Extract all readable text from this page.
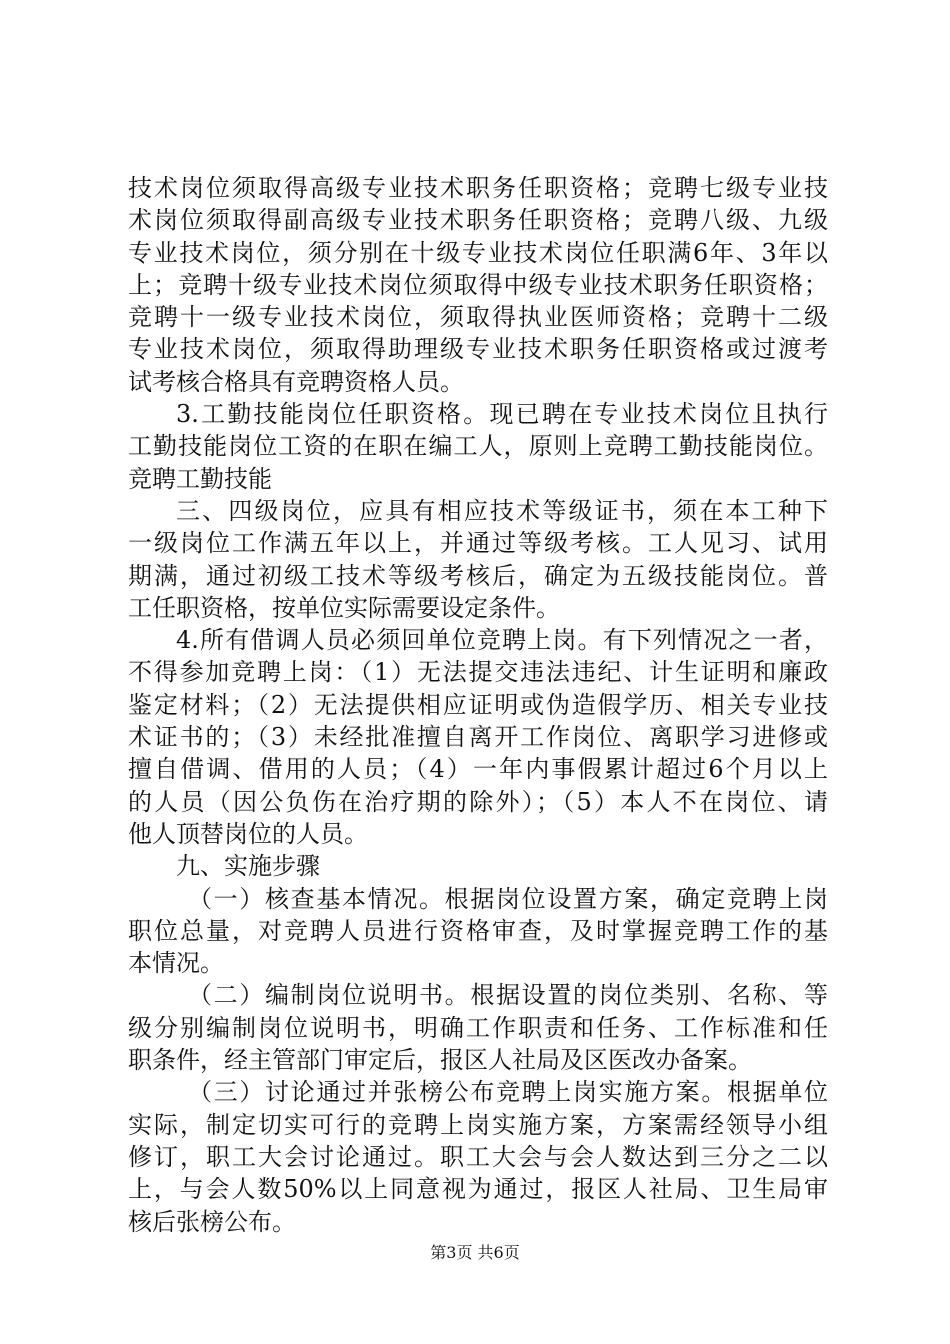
技术岗位须取得高级专业技术职务任职资格；竞聘七级专业技
术岗位须取得副高级专业技术职务任职资格；竞聘八级、九级
专业技术岗位，须分别在十级专业技术岗位任职满6年、3年以
上；竞聘十级专业技术岗位须取得中级专业技术职务任职资格；
竞聘十一级专业技术岗位，须取得执业医师资格；竞聘十二级
专业技术岗位，须取得助理级专业技术职务任职资格或过渡考
试考核合格具有竞聘资格人员。
3.工勤技能岗位任职资格。现已聘在专业技术岗位且执行
工勤技能岗位工资的在职在编工人，原则上竞聘工勤技能岗位。
竞聘工勤技能
三、四级岗位，应具有相应技术等级证书，须在本工种下
一级岗位工作满五年以上，并通过等级考核。工人见习、试用
期满，通过初级工技术等级考核后，确定为五级技能岗位。普
工任职资格，按单位实际需要设定条件。
4.所有借调人员必须回单位竞聘上岗。有下列情况之一者，
不得参加竞聘上岗：（1）无法提交违法违纪、计生证明和廉政
鉴定材料；（2）无法提供相应证明或伪造假学历、相关专业技
术证书的；（3）未经批准擅自离开工作岗位、离职学习进修或
擅自借调、借用的人员；（4）一年内事假累计超过6个月以上
的人员（因公负伤在治疗期的除外）；（5）本人不在岗位、请
他人顶替岗位的人员。
九、实施步骤
（一）核查基本情况。根据岗位设置方案，确定竞聘上岗
职位总量，对竞聘人员进行资格审查，及时掌握竞聘工作的基
本情况。
（二）编制岗位说明书。根据设置的岗位类别、名称、等
级分别编制岗位说明书，明确工作职责和任务、工作标准和任
职条件，经主管部门审定后，报区人社局及区医改办备案。
（三）讨论通过并张榜公布竞聘上岗实施方案。根据单位
实际，制定切实可行的竞聘上岗实施方案，方案需经领导小组
修订，职工大会讨论通过。职工大会与会人数达到三分之二以
上，与会人数50%以上同意视为通过，报区人社局、卫生局审
核后张榜公布。
第3页 共6页
